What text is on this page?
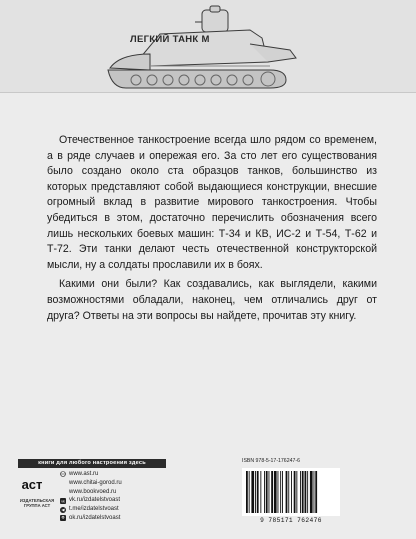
ЛЕГКИЙ ТАНК М

Отечественное танкостроение всегда шло рядом со временем, а в ряде случаев и опережая его. За сто лет его существования было создано около ста образцов танков, большинство из которых представляют собой выдающиеся конструкции, внесшие огромный вклад в развитие мирового танкостроения. Чтобы убедиться в этом, достаточно перечислить обозначения всего лишь нескольких боевых машин: Т-34 и КВ, ИС-2 и Т-54, Т-62 и Т-72. Эти танки делают честь отечественной конструкторской мысли, ну а солдаты прославили их в боях.

Какими они были? Как создавались, как выглядели, какими возможностями обладали, наконец, чем отличались друг от друга? Ответы на эти вопросы вы найдете, прочитав эту книгу.

книги для любого настроения здесь
аст
ИЗДАТЕЛЬСКАЯ ГРУППА АСТ
www.ast.ru
www.chitai-gorod.ru
www.bookvoed.ru
vk vk.ru/izdatelstvoast
t.me/izdatelstvoast
ok.ru/izdatelstvoast
ISBN 978-5-17-176247-6
9 785171 762476
